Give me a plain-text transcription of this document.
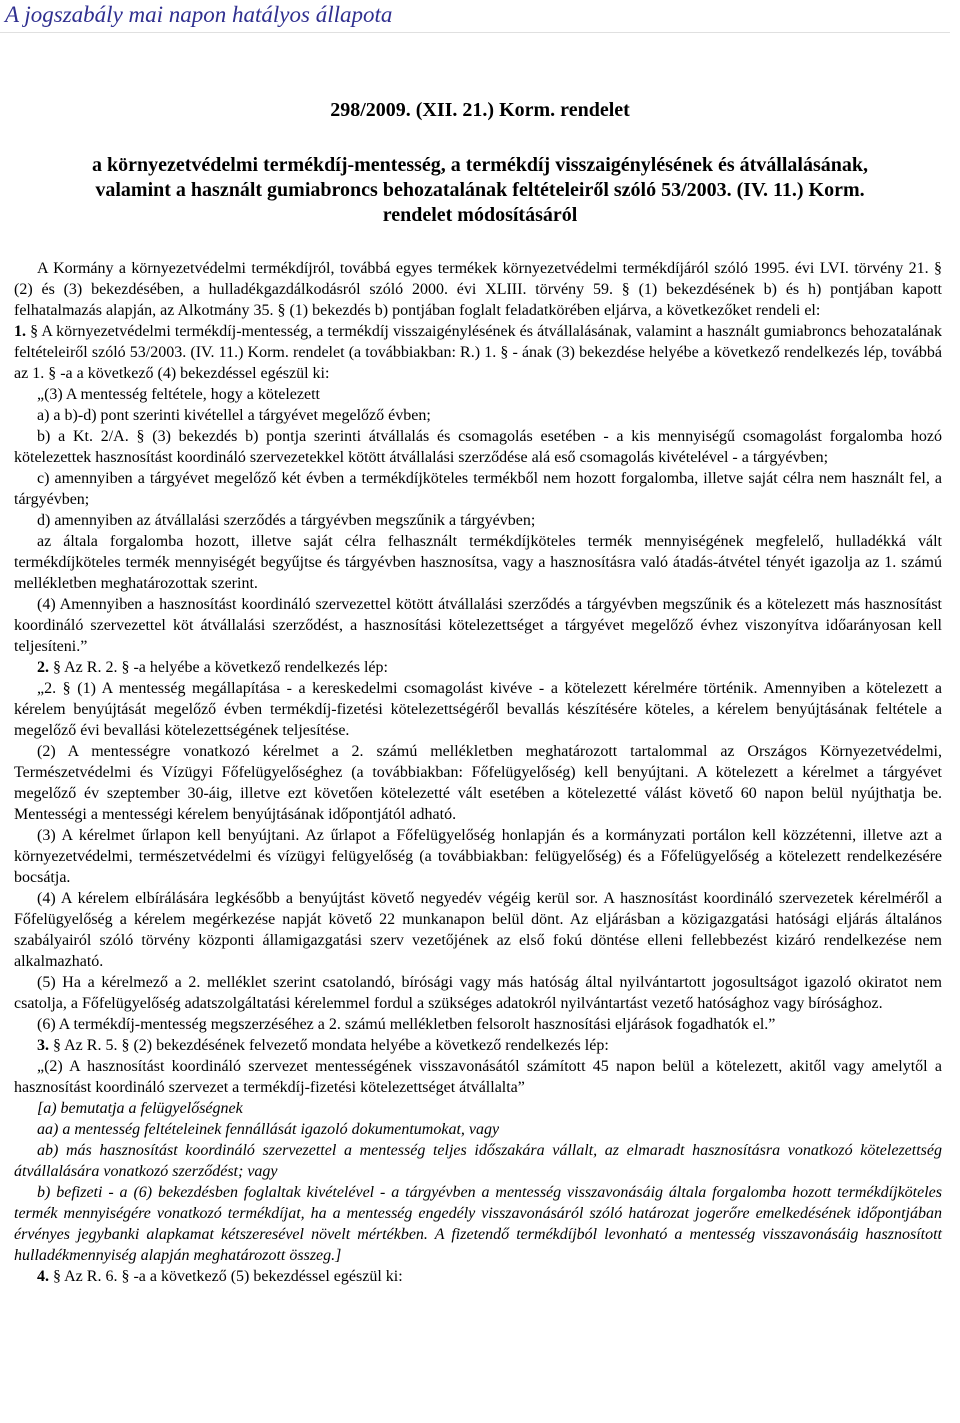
A jogszabály mai napon hatályos állapota
298/2009. (XII. 21.) Korm. rendelet
a környezetvédelmi termékdíj-mentesség, a termékdíj visszaigénylésének és átvállalásának,
valamint a használt gumiabroncs behozatalának feltételeiről szóló 53/2003. (IV. 11.) Korm.
rendelet módosításáról

A Kormány a környezetvédelmi termékdíjról, továbbá egyes termékek környezetvédelmi termékdíjáról szóló 1995. évi LVI. törvény 21. § (2) és (3) bekezdésében, a hulladékgazdálkodásról szóló 2000. évi XLIII. törvény 59. § (1) bekezdésének b) és h) pontjában kapott felhatalmazás alapján, az Alkotmány 35. § (1) bekezdés b) pontjában foglalt feladatkörében eljárva, a következőket rendeli el:

1. § A környezetvédelmi termékdíj-mentesség, a termékdíj visszaigénylésének és átvállalásának, valamint a használt gumiabroncs behozatalának feltételeiről szóló 53/2003. (IV. 11.) Korm. rendelet (a továbbiakban: R.) 1. § - ának (3) bekezdése helyébe a következő rendelkezés lép, továbbá az 1. § -a a következő (4) bekezdéssel egészül ki:

„(3) A mentesség feltétele, hogy a kötelezett

a) a b)-d) pont szerinti kivétellel a tárgyévet megelőző évben;

b) a Kt. 2/A. § (3) bekezdés b) pontja szerinti átvállalás és csomagolás esetében - a kis mennyiségű csomagolást forgalomba hozó kötelezettek hasznosítást koordináló szervezetekkel kötött átvállalási szerződése alá eső csomagolás kivételével - a tárgyévben;

c) amennyiben a tárgyévet megelőző két évben a termékdíjköteles termékből nem hozott forgalomba, illetve saját célra nem használt fel, a tárgyévben;

d) amennyiben az átvállalási szerződés a tárgyévben megszűnik a tárgyévben;

az általa forgalomba hozott, illetve saját célra felhasznált termékdíjköteles termék mennyiségének megfelelő, hulladékká vált termékdíjköteles termék mennyiségét begyűjtse és tárgyévben hasznosítsa, vagy a hasznosításra való átadás-átvétel tényét igazolja az 1. számú mellékletben meghatározottak szerint.

(4) Amennyiben a hasznosítást koordináló szervezettel kötött átvállalási szerződés a tárgyévben megszűnik és a kötelezett más hasznosítást koordináló szervezettel köt átvállalási szerződést, a hasznosítási kötelezettséget a tárgyévet megelőző évhez viszonyítva időarányosan kell teljesíteni.”

2. § Az R. 2. § -a helyébe a következő rendelkezés lép:

„2. § (1) A mentesség megállapítása - a kereskedelmi csomagolást kivéve - a kötelezett kérelmére történik. Amennyiben a kötelezett a kérelem benyújtását megelőző évben termékdíj-fizetési kötelezettségéről bevallás készítésére köteles, a kérelem benyújtásának feltétele a megelőző évi bevallási kötelezettségének teljesítése.

(2) A mentességre vonatkozó kérelmet a 2. számú mellékletben meghatározott tartalommal az Országos Környezetvédelmi, Természetvédelmi és Vízügyi Főfelügyelőséghez (a továbbiakban: Főfelügyelőség) kell benyújtani. A kötelezett a kérelmet a tárgyévet megelőző év szeptember 30-áig, illetve ezt követően kötelezetté vált esetében a kötelezetté válást követő 60 napon belül nyújthatja be. Mentességi a mentességi kérelem benyújtásának időpontjától adható.

(3) A kérelmet űrlapon kell benyújtani. Az űrlapot a Főfelügyelőség honlapján és a kormányzati portálon kell közzétenni, illetve azt a környezetvédelmi, természetvédelmi és vízügyi felügyelőség (a továbbiakban: felügyelőség) és a Főfelügyelőség a kötelezett rendelkezésére bocsátja.

(4) A kérelem elbírálására legkésőbb a benyújtást követő negyedév végéig kerül sor. A hasznosítást koordináló szervezetek kérelméről a Főfelügyelőség a kérelem megérkezése napját követő 22 munkanapon belül dönt. Az eljárásban a közigazgatási hatósági eljárás általános szabályairól szóló törvény központi államigazgatási szerv vezetőjének az első fokú döntése elleni fellebbezést kizáró rendelkezése nem alkalmazható.

(5) Ha a kérelmező a 2. melléklet szerint csatolandó, bírósági vagy más hatóság által nyilvántartott jogosultságot igazoló okiratot nem csatolja, a Főfelügyelőség adatszolgáltatási kérelemmel fordul a szükséges adatokról nyilvántartást vezető hatósághoz vagy bírósághoz.

(6) A termékdíj-mentesség megszerzéséhez a 2. számú mellékletben felsorolt hasznosítási eljárások fogadhatók el.”

3. § Az R. 5. § (2) bekezdésének felvezető mondata helyébe a következő rendelkezés lép:

„(2) A hasznosítást koordináló szervezet mentességének visszavonásától számított 45 napon belül a kötelezett, akitől vagy amelytől a hasznosítást koordináló szervezet a termékdíj-fizetési kötelezettséget átvállalta”

[a) bemutatja a felügyelőségnek

aa) a mentesség feltételeinek fennállását igazoló dokumentumokat, vagy

ab) más hasznosítást koordináló szervezettel a mentesség teljes időszakára vállalt, az elmaradt hasznosításra vonatkozó kötelezettség átvállalására vonatkozó szerződést; vagy

b) befizeti - a (6) bekezdésben foglaltak kivételével - a tárgyévben a mentesség visszavonásáig általa forgalomba hozott termékdíjköteles termék mennyiségére vonatkozó termékdíjat, ha a mentesség engedély visszavonásáról szóló határozat jogerőre emelkedésének időpontjában érvényes jegybanki alapkamat kétszeresével növelt mértékben. A fizetendő termékdíjból levonható a mentesség visszavonásáig hasznosított hulladékmennyiség alapján meghatározott összeg.]

4. § Az R. 6. § -a a következő (5) bekezdéssel egészül ki:
